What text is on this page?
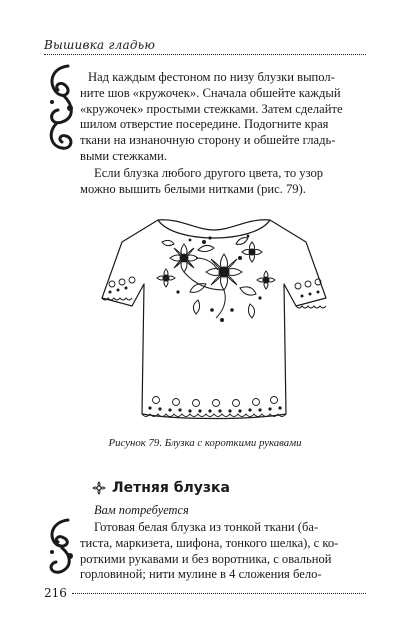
Вышивка гладью
Над каждым фестоном по низу блузки выпол-
ните шов «кружочек». Сначала обшейте каждый
«кружочек» простыми стежками. Затем сделайте
шилом отверстие посередине. Подогните края
ткани на изнаночную сторону и обшейте гладь-
выми стежками.
Если блузка любого другого цвета, то узор
можно вышить белыми нитками (рис. 79).
Рисунок 79. Блузка с короткими рукавами
Летняя блузка
Вам потребуется
Готовая белая блузка из тонкой ткани (ба-
тиста, маркизета, шифона, тонкого шелка), с ко-
роткими рукавами и без воротника, с овальной
горловиной; нити мулине в 4 сложения бело-
216
